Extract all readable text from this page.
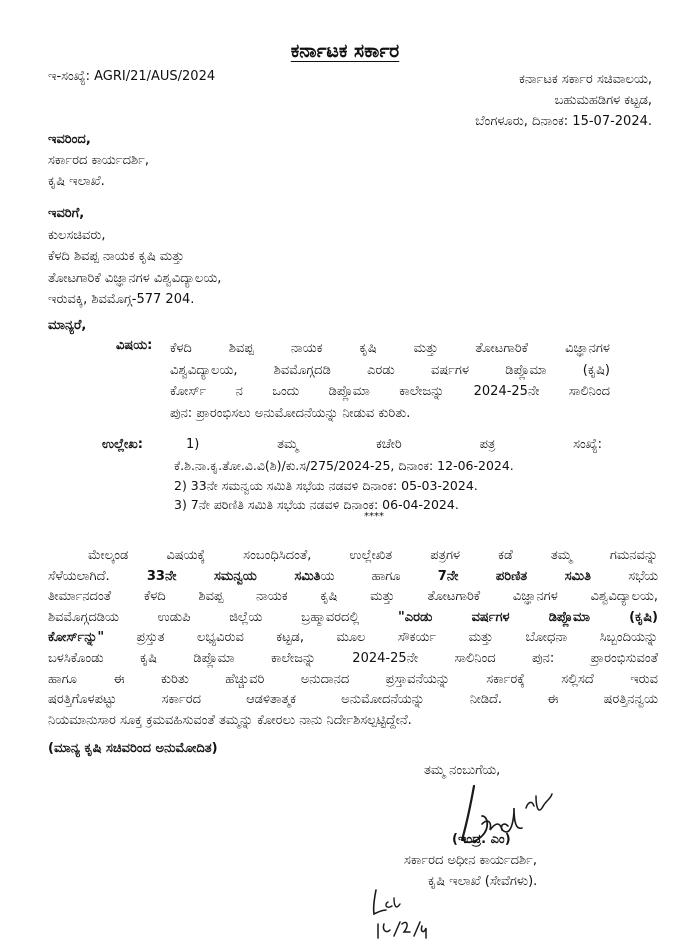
ಕರ್ನಾಟಕ ಸರ್ಕಾರ
ಇ-ಸಂಖ್ಯೆ: AGRI/21/AUS/2024	ಕರ್ನಾಟಕ ಸರ್ಕಾರ ಸಚಿವಾಲಯ,
ಬಹುಮಹಡಿಗಳ ಕಟ್ಟಡ,
ಬೆಂಗಳೂರು, ದಿನಾಂಕ: 15-07-2024.
ಇವರಿಂದ,
ಸರ್ಕಾರದ ಕಾರ್ಯದರ್ಶಿ,
ಕೃಷಿ ಇಲಾಖೆ.
ಇವರಿಗೆ,
ಕುಲಸಚಿವರು,
ಕೆಳದಿ ಶಿವಪ್ಪ ನಾಯಕ ಕೃಷಿ ಮತ್ತು
ತೋಟಗಾರಿಕೆ ವಿಜ್ಞಾನಗಳ ವಿಶ್ವವಿದ್ಯಾಲಯ,
ಇರುವಕ್ಕಿ, ಶಿವಮೊಗ್ಗ-577 204.
ಮಾನ್ಯರೆ,
ವಿಷಯ: ಕೆಳದಿ ಶಿವಪ್ಪ ನಾಯಕ ಕೃಷಿ ಮತ್ತು ತೋಟಗಾರಿಕೆ ವಿಜ್ಞಾನಗಳ
ವಿಶ್ವವಿದ್ಯಾಲಯ, ಶಿವಮೊಗ್ಗದಡಿ ಎರಡು ವರ್ಷಗಳ ಡಿಪ್ಲೊಮಾ (ಕೃಷಿ)
ಕೋರ್ಸ್ ನ ಒಂದು ಡಿಪ್ಲೊಮಾ ಕಾಲೇಜನ್ನು 2024-25ನೇ ಸಾಲಿನಿಂದ
ಪುನ: ಪ್ರಾರಂಭಿಸಲು ಅನುಮೋದನೆಯನ್ನು ನೀಡುವ ಕುರಿತು.
ಉಲ್ಲೇಖ:	1)	ತಮ್ಮ	ಕಚೇರಿ	ಪತ್ರ	ಸಂಖ್ಯೆ:
ಕೆ.ಶಿ.ನಾ.ಕೃ.ತೋ.ವಿ.ವಿ(ಶಿ)/ಕು.ಸ/275/2024-25, ದಿನಾಂಕ: 12-06-2024.
2) 33ನೇ ಸಮನ್ವಯ ಸಮಿತಿ ಸಭೆಯ ನಡವಳಿ ದಿನಾಂಕ: 05-03-2024.
3) 7ನೇ ಪರಿಣಿತಿ ಸಮಿತಿ ಸಭೆಯ ನಡವಳಿ ದಿನಾಂಕ: 06-04-2024.
****
ಮೇಲ್ಕಂಡ ವಿಷಯಕ್ಕೆ ಸಂಬಂಧಿಸಿದಂತೆ, ಉಲ್ಲೇಖಿತ ಪತ್ರಗಳ ಕಡೆ ತಮ್ಮ ಗಮನವನ್ನು
ಸೆಳೆಯಲಾಗಿದೆ.	33ನೇ ಸಮನ್ವಯ ಸಮಿತಿಯ ಹಾಗೂ	7ನೇ ಪರಿಣಿತ ಸಮಿತಿ	ಸಭೆಯ
ತೀರ್ಮಾನದಂತೆ ಕೆಳದಿ ಶಿವಪ್ಪ ನಾಯಕ ಕೃಷಿ ಮತ್ತು ತೋಟಗಾರಿಕೆ ವಿಜ್ಞಾನಗಳ ವಿಶ್ವವಿದ್ಯಾಲಯ,
ಶಿವಮೊಗ್ಗದಡಿಯ ಉಡುಪಿ ಜಿಲ್ಲೆಯ ಬ್ರಹ್ಮಾವರದಲ್ಲಿ	"ಎರಡು ವರ್ಷಗಳ ಡಿಪ್ಲೊಮಾ (ಕೃಷಿ)
ಕೋರ್ಸ್‌ನ್ನು" ಪ್ರಸ್ತುತ ಲಭ್ಯವಿರುವ ಕಟ್ಟಡ, ಮೂಲ ಸೌಕರ್ಯ ಮತ್ತು ಬೋಧನಾ ಸಿಬ್ಬಂದಿಯನ್ನು
ಬಳಸಿಕೊಂಡು ಕೃಷಿ ಡಿಪ್ಲೊಮಾ ಕಾಲೇಜನ್ನು 2024-25ನೇ ಸಾಲಿನಿಂದ ಪುನ: ಪ್ರಾರಂಭಿಸುವಂತೆ
ಹಾಗೂ ಈ ಕುರಿತು ಹೆಚ್ಚುವರಿ ಅನುದಾನದ ಪ್ರಸ್ತಾವನೆಯನ್ನು ಸರ್ಕಾರಕ್ಕೆ ಸಲ್ಲಿಸದೆ ಇರುವ
ಷರತ್ತಿಗೊಳಪಟ್ಟು ಸರ್ಕಾರದ ಆಡಳಿತಾತ್ಮಕ ಅನುಮೋದನೆಯನ್ನು ನೀಡಿದೆ. ಈ ಷರತ್ತಿನನ್ವಯ
ನಿಯಮಾನುಸಾರ ಸೂಕ್ತ ಕ್ರಮವಹಿಸುವಂತೆ ತಮ್ಮನ್ನು ಕೋರಲು ನಾನು ನಿರ್ದೇಶಿಸಲ್ಪಟ್ಟಿದ್ದೇನೆ.
(ಮಾನ್ಯ ಕೃಷಿ ಸಚಿವರಿಂದ ಅನುಮೋದಿತ)
ತಮ್ಮ ನಂಬುಗೆಯ,
(ಇಂದ್ರ. ಎಂ)
ಸರ್ಕಾರದ ಅಧೀನ ಕಾರ್ಯದರ್ಶಿ,
ಕೃಷಿ ಇಲಾಖೆ (ಸೇವೆಗಳು).
